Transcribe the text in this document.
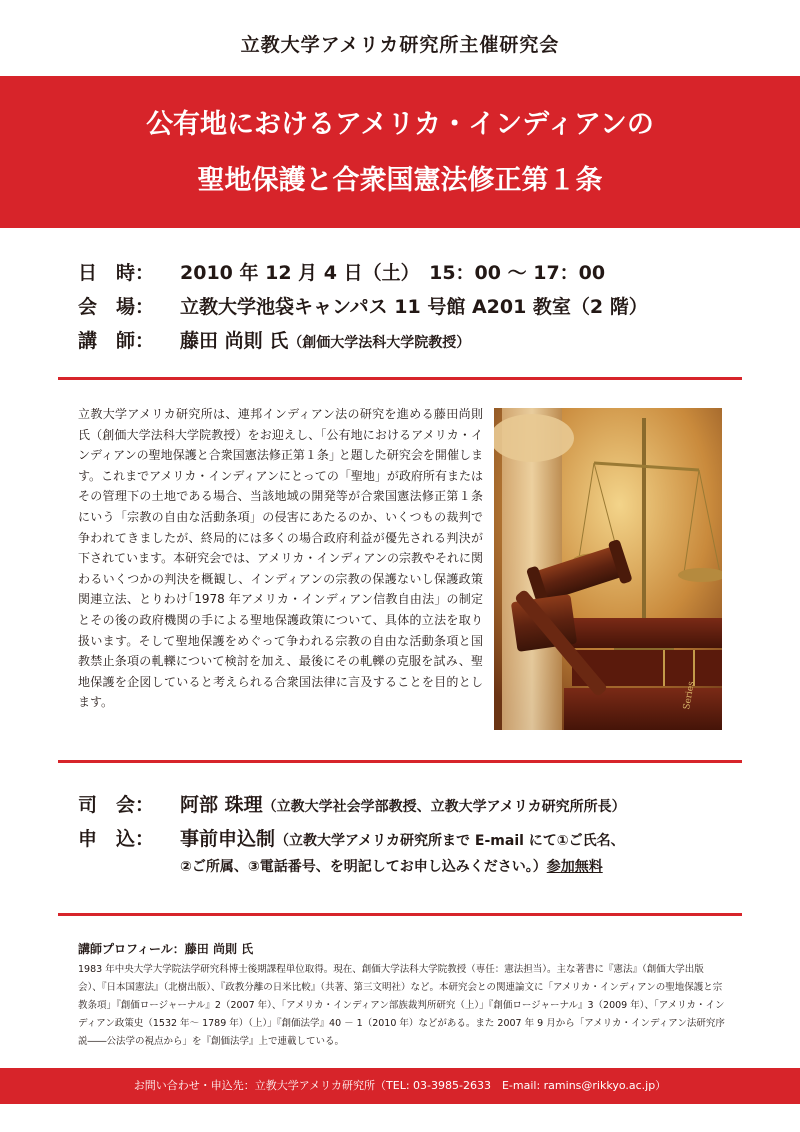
立教大学アメリカ研究所主催研究会
公有地におけるアメリカ・インディアンの
聖地保護と合衆国憲法修正第１条
日　時： 2010 年 12 月 4 日（土）　15：00 ～ 17：00
会　場： 立教大学池袋キャンパス 11 号館 A201 教室（2 階）
講　師： 藤田 尚則 氏（創価大学法科大学院教授）
立教大学アメリカ研究所は、連邦インディアン法の研究を進める藤田尚則氏（創価大学法科大学院教授）をお迎えし、｢公有地におけるアメリカ・インディアンの聖地保護と合衆国憲法修正第１条｣ と題した研究会を開催します。これまでアメリカ・インディアンにとっての「聖地」が政府所有またはその管理下の土地である場合、当該地域の開発等が合衆国憲法修正第１条にいう「宗教の自由な活動条項」の侵害にあたるのか、いくつもの裁判で争われてきましたが、終局的には多くの場合政府利益が優先される判決が下されています。本研究会では、アメリカ・インディアンの宗教やそれに関わるいくつかの判決を概観し、インディアンの宗教の保護ないし保護政策関連立法、とりわけ｢1978 年アメリカ・インディアン信教自由法」の制定とその後の政府機関の手による聖地保護政策について、具体的立法を取り扱います。そして聖地保護をめぐって争われる宗教の自由な活動条項と国教禁止条項の軋轢について検討を加え、最後にその軋轢の克服を試み、聖地保護を企図していると考えられる合衆国法律に言及することを目的とします。	Series
司　会： 阿部 珠理（立教大学社会学部教授、立教大学アメリカ研究所所長）
申　込： 事前申込制（立教大学アメリカ研究所まで E-mail にて①ご氏名、
②ご所属、③電話番号、を明記してお申し込みください。）参加無料
講師プロフィール：藤田 尚則 氏
1983 年中央大学大学院法学研究科博士後期課程単位取得。現在、創価大学法科大学院教授（専任：憲法担当）。主な著書に『憲法』（創価大学出版会）、『日本国憲法』（北樹出版）、『政教分離の日米比較』（共著、第三文明社）など。本研究会との関連論文に「アメリカ・インディアンの聖地保護と宗教条項」『創価ロージャーナル』2（2007 年）、「アメリカ・インディアン部族裁判所研究（上）」『創価ロージャーナル』3（2009 年）、「アメリカ・インディアン政策史（1532 年～ 1789 年）（上）」『創価法学』40 － 1（2010 年）などがある。また 2007 年 9 月から「アメリカ・インディアン法研究序説――公法学の視点から」を『創価法学』上で連載している。
お問い合わせ・申込先：立教大学アメリカ研究所（TEL: 03-3985-2633　E-mail: ramins@rikkyo.ac.jp）
